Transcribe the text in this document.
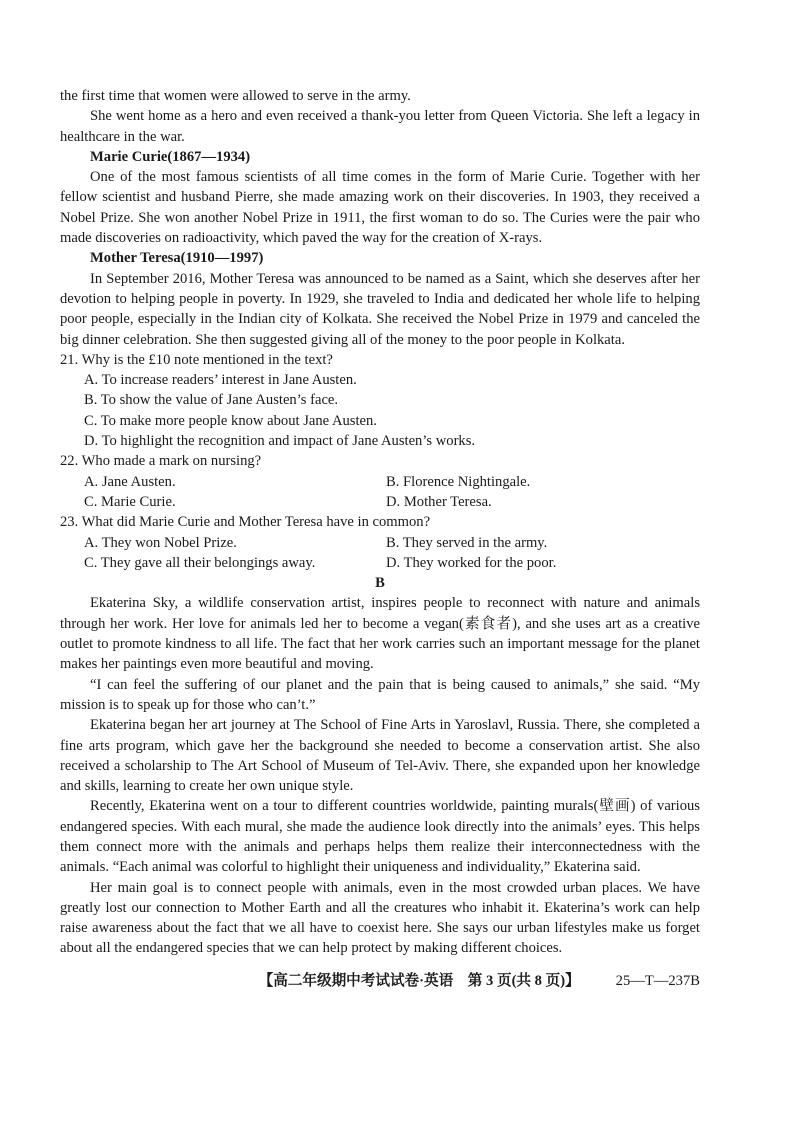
the first time that women were allowed to serve in the army.

She went home as a hero and even received a thank-you letter from Queen Victoria. She left a legacy in healthcare in the war.

Marie Curie(1867—1934)

One of the most famous scientists of all time comes in the form of Marie Curie. Together with her fellow scientist and husband Pierre, she made amazing work on their discoveries. In 1903, they received a Nobel Prize. She won another Nobel Prize in 1911, the first woman to do so. The Curies were the pair who made discoveries on radioactivity, which paved the way for the creation of X-rays.

Mother Teresa(1910—1997)

In September 2016, Mother Teresa was announced to be named as a Saint, which she deserves after her devotion to helping people in poverty. In 1929, she traveled to India and dedicated her whole life to helping poor people, especially in the Indian city of Kolkata. She received the Nobel Prize in 1979 and canceled the big dinner celebration. She then suggested giving all of the money to the poor people in Kolkata.

21. Why is the £10 note mentioned in the text?

A. To increase readers’ interest in Jane Austen.

B. To show the value of Jane Austen’s face.

C. To make more people know about Jane Austen.

D. To highlight the recognition and impact of Jane Austen’s works.

22. Who made a mark on nursing?

A. Jane Austen.	B. Florence Nightingale.
C. Marie Curie.	D. Mother Teresa.

23. What did Marie Curie and Mother Teresa have in common?

A. They won Nobel Prize.	B. They served in the army.
C. They gave all their belongings away.	D. They worked for the poor.

B

Ekaterina Sky, a wildlife conservation artist, inspires people to reconnect with nature and animals through her work. Her love for animals led her to become a vegan(素食者), and she uses art as a creative outlet to promote kindness to all life. The fact that her work carries such an important message for the planet makes her paintings even more beautiful and moving.

“I can feel the suffering of our planet and the pain that is being caused to animals,” she said. “My mission is to speak up for those who can’t.”

Ekaterina began her art journey at The School of Fine Arts in Yaroslavl, Russia. There, she completed a fine arts program, which gave her the background she needed to become a conservation artist. She also received a scholarship to The Art School of Museum of Tel-Aviv. There, she expanded upon her knowledge and skills, learning to create her own unique style.

Recently, Ekaterina went on a tour to different countries worldwide, painting murals(壁画) of various endangered species. With each mural, she made the audience look directly into the animals’ eyes. This helps them connect more with the animals and perhaps helps them realize their interconnectedness with the animals. “Each animal was colorful to highlight their uniqueness and individuality,” Ekaterina said.

Her main goal is to connect people with animals, even in the most crowded urban places. We have greatly lost our connection to Mother Earth and all the creatures who inhabit it. Ekaterina’s work can help raise awareness about the fact that we all have to coexist here. She says our urban lifestyles make us forget about all the endangered species that we can help protect by making different choices.

【高二年级期中考试试卷·英语　第 3 页(共 8 页)】 25—T—237B
